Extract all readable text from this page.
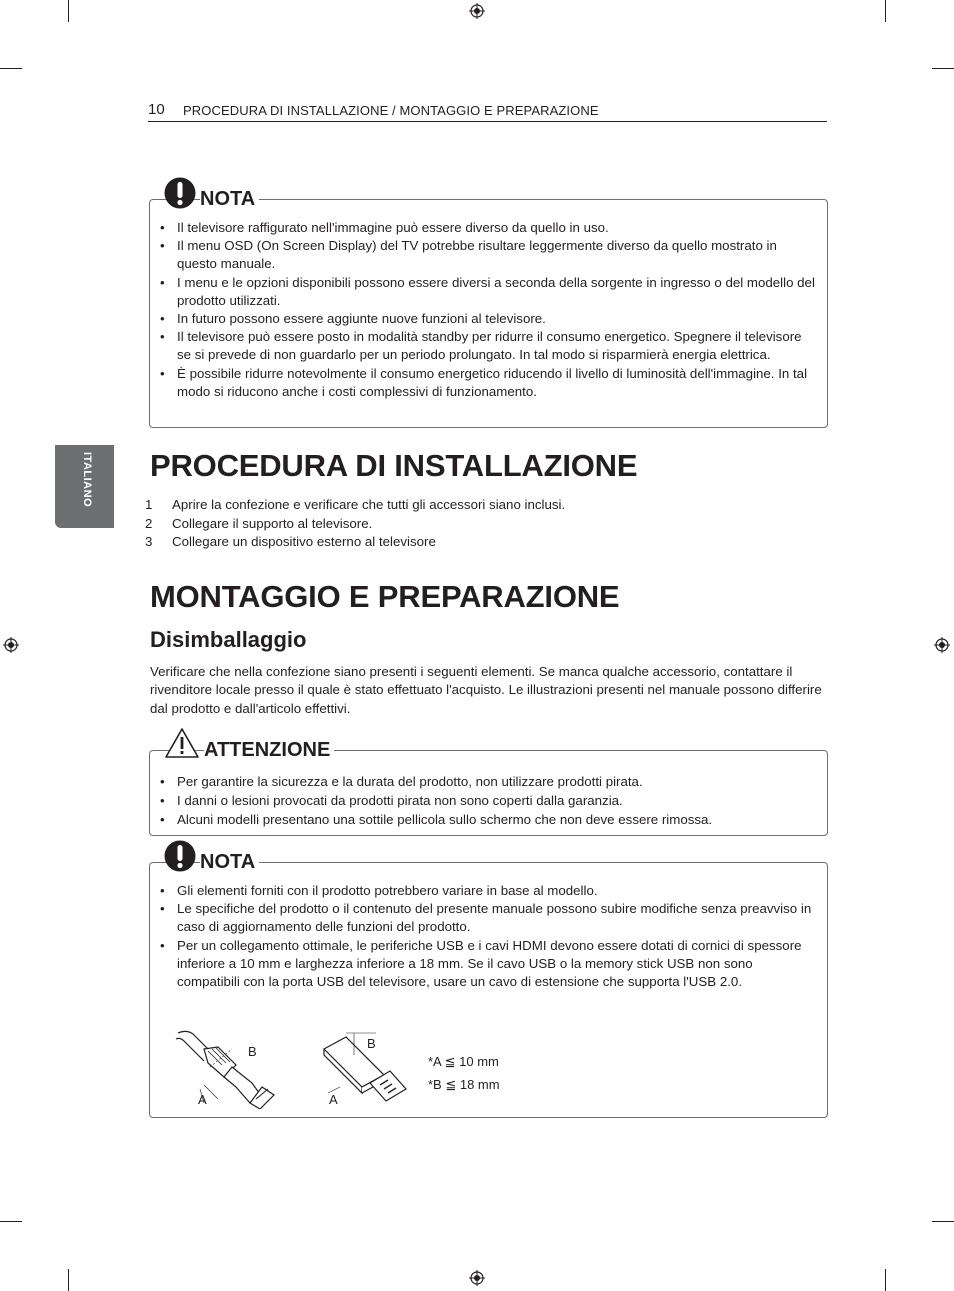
10 PROCEDURA DI INSTALLAZIONE / MONTAGGIO E PREPARAZIONE
ITALIANO
NOTA
• Il televisore raffigurato nell'immagine può essere diverso da quello in uso.
• Il menu OSD (On Screen Display) del TV potrebbe risultare leggermente diverso da quello mostrato in questo manuale.
• I menu e le opzioni disponibili possono essere diversi a seconda della sorgente in ingresso o del modello del prodotto utilizzati.
• In futuro possono essere aggiunte nuove funzioni al televisore.
• Il televisore può essere posto in modalità standby per ridurre il consumo energetico. Spegnere il televisore se si prevede di non guardarlo per un periodo prolungato. In tal modo si risparmierà energia elettrica.
• È possibile ridurre notevolmente il consumo energetico riducendo il livello di luminosità dell'immagine. In tal modo si riducono anche i costi complessivi di funzionamento.
PROCEDURA DI INSTALLAZIONE
1 Aprire la confezione e verificare che tutti gli accessori siano inclusi.
2 Collegare il supporto al televisore.
3 Collegare un dispositivo esterno al televisore
MONTAGGIO E PREPARAZIONE
Disimballaggio
Verificare che nella confezione siano presenti i seguenti elementi. Se manca qualche accessorio, contattare il rivenditore locale presso il quale è stato effettuato l'acquisto. Le illustrazioni presenti nel manuale possono differire dal prodotto e dall'articolo effettivi.
ATTENZIONE
• Per garantire la sicurezza e la durata del prodotto, non utilizzare prodotti pirata.
• I danni o lesioni provocati da prodotti pirata non sono coperti dalla garanzia.
• Alcuni modelli presentano una sottile pellicola sullo schermo che non deve essere rimossa.
NOTA
• Gli elementi forniti con il prodotto potrebbero variare in base al modello.
• Le specifiche del prodotto o il contenuto del presente manuale possono subire modifiche senza preavviso in caso di aggiornamento delle funzioni del prodotto.
• Per un collegamento ottimale, le periferiche USB e i cavi HDMI devono essere dotati di cornici di spessore inferiore a 10 mm e larghezza inferiore a 18 mm. Se il cavo USB o la memory stick USB non sono compatibili con la porta USB del televisore, usare un cavo di estensione che supporta l'USB 2.0.
B
A
B
A
*A ≦ 10 mm
*B ≦ 18 mm
